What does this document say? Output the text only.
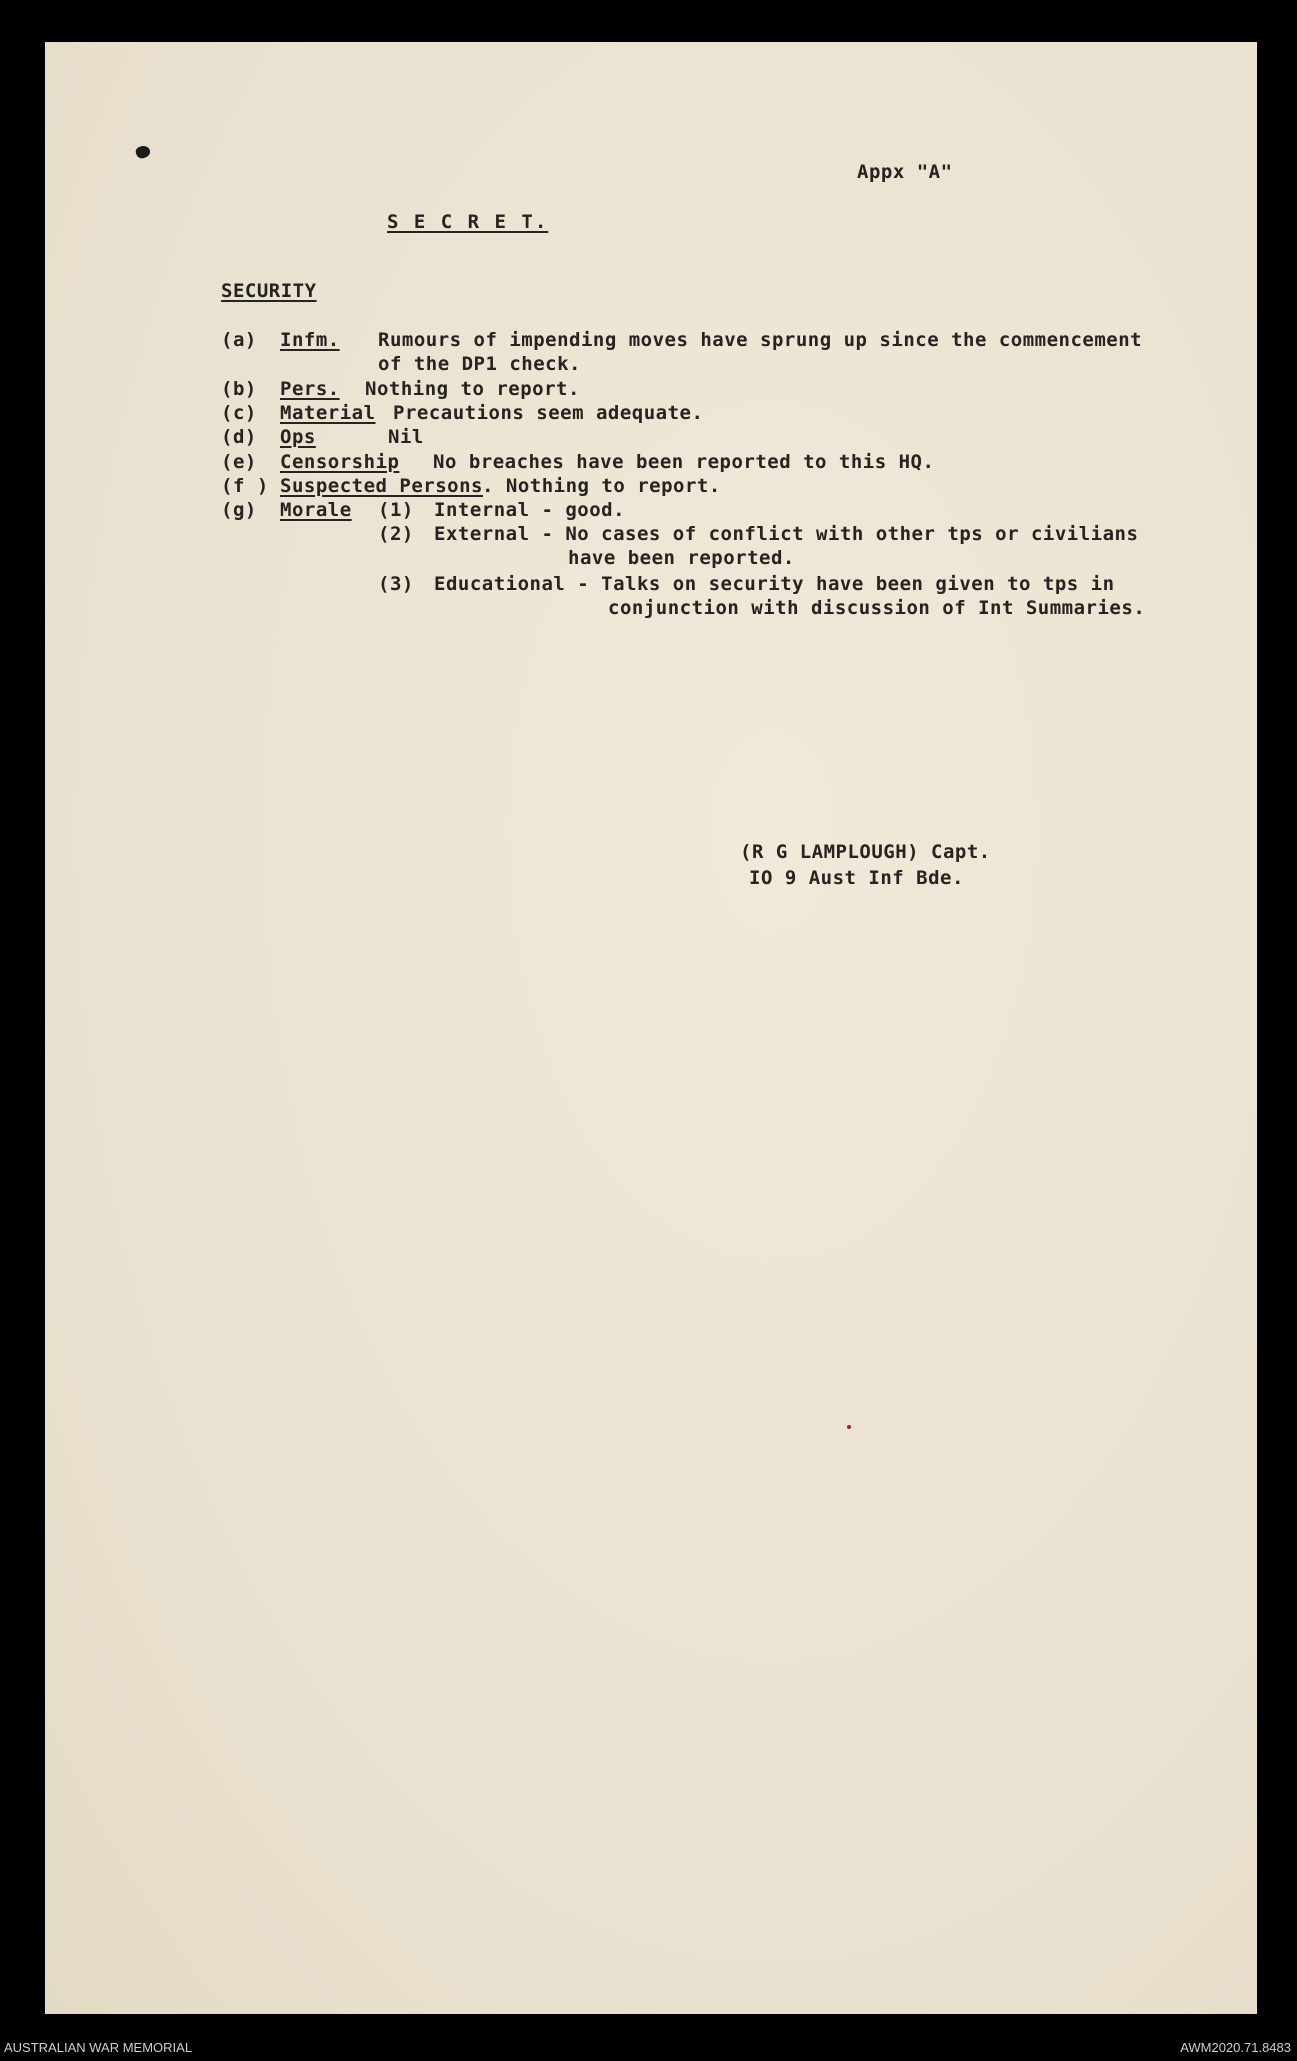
Appx "A"
S E C R E T.
SECURITY
(a) Infm. Rumours of impending moves have sprung up since the commencement
of the DP1 check.
(b) Pers. Nothing to report.
(c) Material Precautions seem adequate.
(d) Ops	Nil
(e) Censorship No breaches have been reported to this HQ.
(f ) Suspected Persons . Nothing to report.
(g) Morale (1) Internal - good.
(2) External - No cases of conflict with other tps or civilians
have been reported.
(3) Educational - Talks on security have been given to tps in
conjunction with discussion of Int Summaries.
(R G LAMPLOUGH) Capt.
IO 9 Aust Inf Bde.
AUSTRALIAN WAR MEMORIAL	AWM2020.71.8483
